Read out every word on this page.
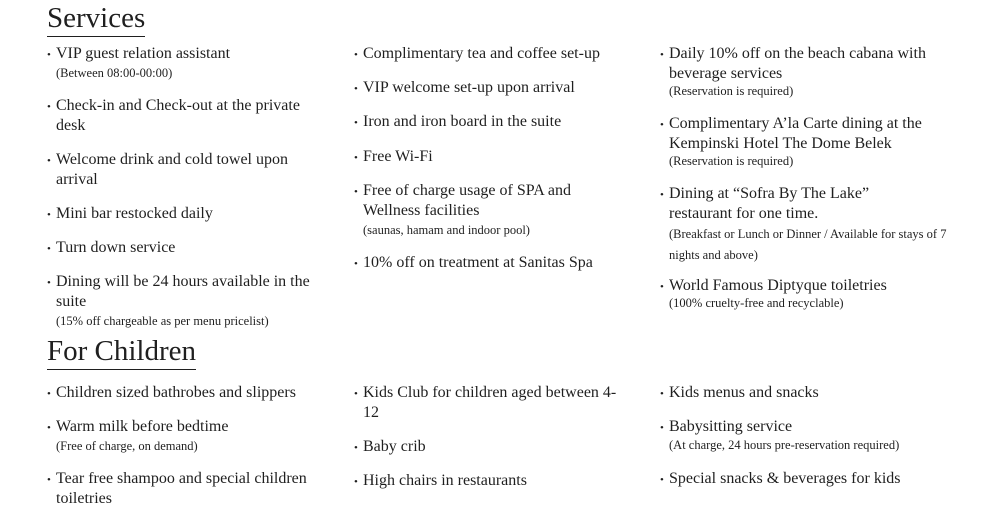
Services
• VIP guest relation assistant
(Between 08:00-00:00)
• Check-in and Check-out at the private desk
• Welcome drink and cold towel upon arrival
• Mini bar restocked daily
• Turn down service
• Dining will be 24 hours available in the suite
(15% off chargeable as per menu pricelist)
• Complimentary tea and coffee set-up
• VIP welcome set-up upon arrival
• Iron and iron board in the suite
• Free Wi-Fi
• Free of charge usage of SPA and Wellness facilities
(saunas, hamam and indoor pool)
• 10% off on treatment at Sanitas Spa
• Daily 10% off on the beach cabana with beverage services
(Reservation is required)
• Complimentary A’la Carte dining at the Kempinski Hotel The Dome Belek
(Reservation is required)
• Dining at “Sofra By The Lake” restaurant for one time.
(Breakfast or Lunch or Dinner / Available for stays of 7 nights and above)
• World Famous Diptyque toiletries
(100% cruelty-free and recyclable)
For Children
• Children sized bathrobes and slippers
• Warm milk before bedtime
(Free of charge, on demand)
• Tear free shampoo and special children toiletries
• Kids Club for children aged between 4-12
• Baby crib
• High chairs in restaurants
• Kids menus and snacks
• Babysitting service
(At charge, 24 hours pre-reservation required)
• Special snacks & beverages for kids
